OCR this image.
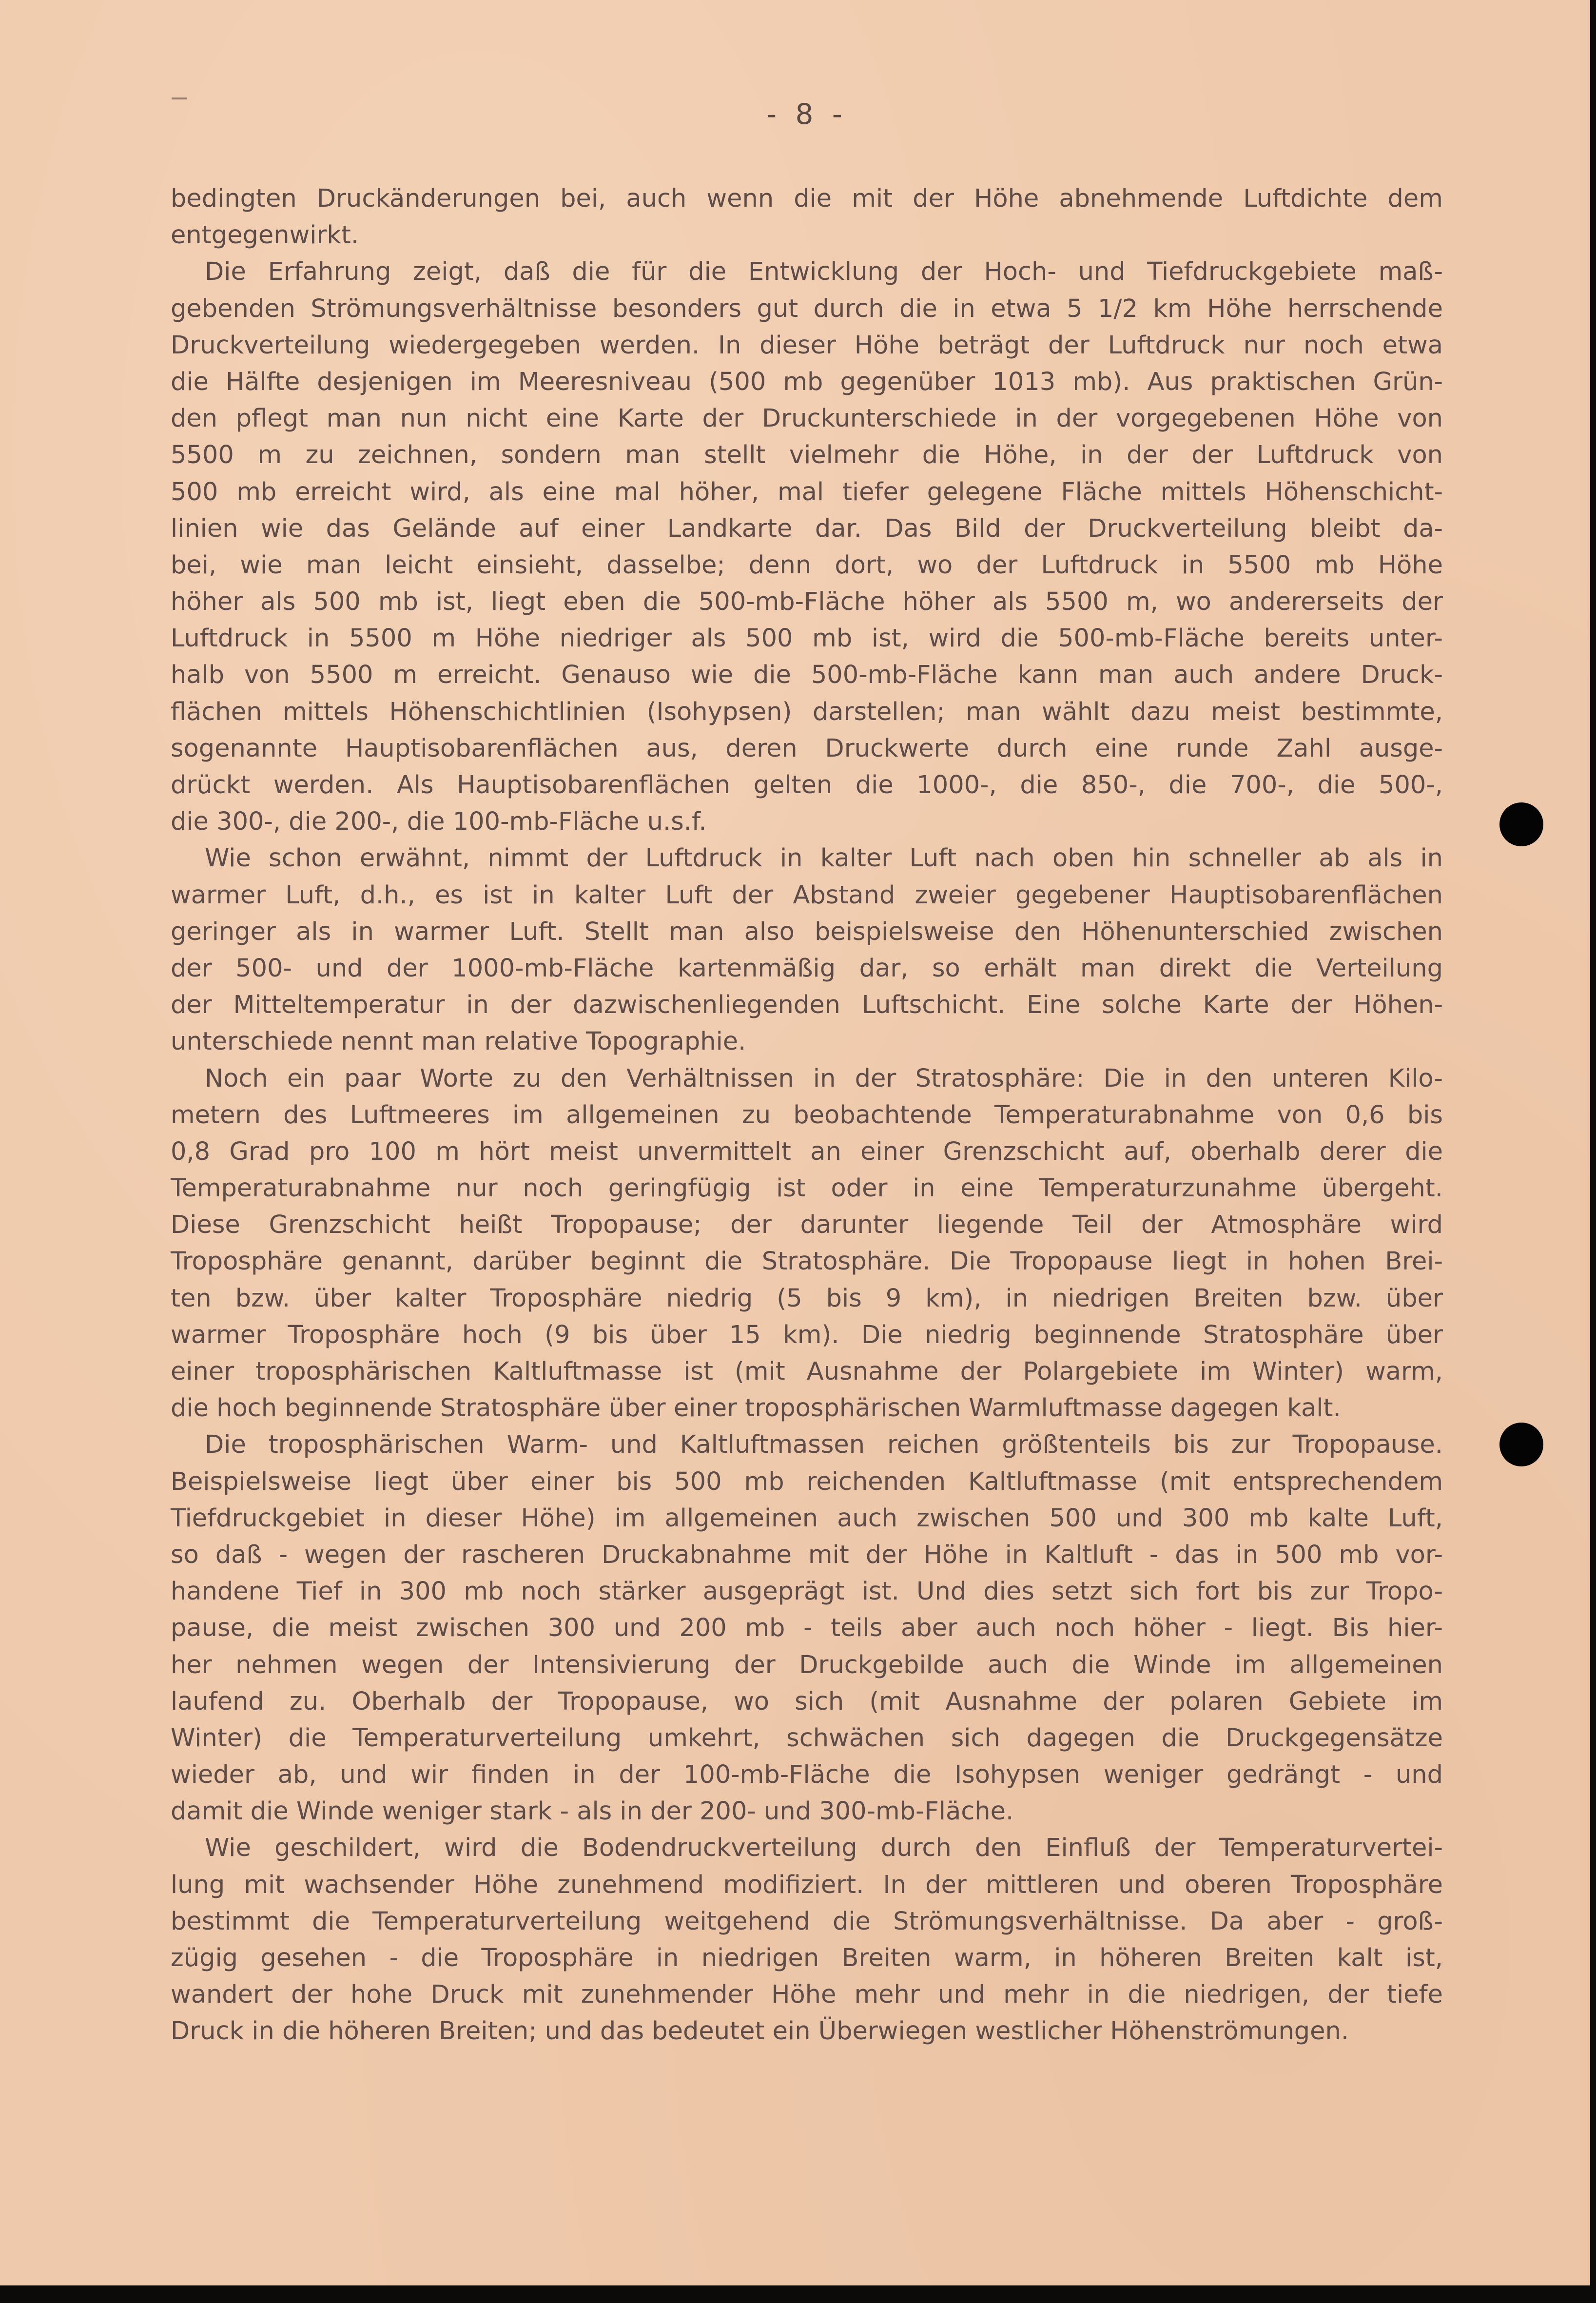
- 8 -
bedingten Druckänderungen bei, auch wenn die mit der Höhe abnehmende Luftdichte dem
entgegenwirkt.
Die Erfahrung zeigt, daß die für die Entwicklung der Hoch- und Tiefdruckgebiete maß-
gebenden Strömungsverhältnisse besonders gut durch die in etwa 5 1/2 km Höhe herrschende
Druckverteilung wiedergegeben werden. In dieser Höhe beträgt der Luftdruck nur noch etwa
die Hälfte desjenigen im Meeresniveau (500 mb gegenüber 1013 mb). Aus praktischen Grün-
den pflegt man nun nicht eine Karte der Druckunterschiede in der vorgegebenen Höhe von
5500 m zu zeichnen, sondern man stellt vielmehr die Höhe, in der der Luftdruck von
500 mb erreicht wird, als eine mal höher, mal tiefer gelegene Fläche mittels Höhenschicht-
linien wie das Gelände auf einer Landkarte dar. Das Bild der Druckverteilung bleibt da-
bei, wie man leicht einsieht, dasselbe; denn dort, wo der Luftdruck in 5500 mb Höhe
höher als 500 mb ist, liegt eben die 500-mb-Fläche höher als 5500 m, wo andererseits der
Luftdruck in 5500 m Höhe niedriger als 500 mb ist, wird die 500-mb-Fläche bereits unter-
halb von 5500 m erreicht. Genauso wie die 500-mb-Fläche kann man auch andere Druck-
flächen mittels Höhenschichtlinien (Isohypsen) darstellen; man wählt dazu meist bestimmte,
sogenannte Hauptisobarenflächen aus, deren Druckwerte durch eine runde Zahl ausge-
drückt werden. Als Hauptisobarenflächen gelten die 1000-, die 850-, die 700-, die 500-,
die 300-, die 200-, die 100-mb-Fläche u.s.f.
Wie schon erwähnt, nimmt der Luftdruck in kalter Luft nach oben hin schneller ab als in
warmer Luft, d.h., es ist in kalter Luft der Abstand zweier gegebener Hauptisobarenflächen
geringer als in warmer Luft. Stellt man also beispielsweise den Höhenunterschied zwischen
der 500- und der 1000-mb-Fläche kartenmäßig dar, so erhält man direkt die Verteilung
der Mitteltemperatur in der dazwischenliegenden Luftschicht. Eine solche Karte der Höhen-
unterschiede nennt man relative Topographie.
Noch ein paar Worte zu den Verhältnissen in der Stratosphäre: Die in den unteren Kilo-
metern des Luftmeeres im allgemeinen zu beobachtende Temperaturabnahme von 0,6 bis
0,8 Grad pro 100 m hört meist unvermittelt an einer Grenzschicht auf, oberhalb derer die
Temperaturabnahme nur noch geringfügig ist oder in eine Temperaturzunahme übergeht.
Diese Grenzschicht heißt Tropopause; der darunter liegende Teil der Atmosphäre wird
Troposphäre genannt, darüber beginnt die Stratosphäre. Die Tropopause liegt in hohen Brei-
ten bzw. über kalter Troposphäre niedrig (5 bis 9 km), in niedrigen Breiten bzw. über
warmer Troposphäre hoch (9 bis über 15 km). Die niedrig beginnende Stratosphäre über
einer troposphärischen Kaltluftmasse ist (mit Ausnahme der Polargebiete im Winter) warm,
die hoch beginnende Stratosphäre über einer troposphärischen Warmluftmasse dagegen kalt.
Die troposphärischen Warm- und Kaltluftmassen reichen größtenteils bis zur Tropopause.
Beispielsweise liegt über einer bis 500 mb reichenden Kaltluftmasse (mit entsprechendem
Tiefdruckgebiet in dieser Höhe) im allgemeinen auch zwischen 500 und 300 mb kalte Luft,
so daß - wegen der rascheren Druckabnahme mit der Höhe in Kaltluft - das in 500 mb vor-
handene Tief in 300 mb noch stärker ausgeprägt ist. Und dies setzt sich fort bis zur Tropo-
pause, die meist zwischen 300 und 200 mb - teils aber auch noch höher - liegt. Bis hier-
her nehmen wegen der Intensivierung der Druckgebilde auch die Winde im allgemeinen
laufend zu. Oberhalb der Tropopause, wo sich (mit Ausnahme der polaren Gebiete im
Winter) die Temperaturverteilung umkehrt, schwächen sich dagegen die Druckgegensätze
wieder ab, und wir finden in der 100-mb-Fläche die Isohypsen weniger gedrängt - und
damit die Winde weniger stark - als in der 200- und 300-mb-Fläche.
Wie geschildert, wird die Bodendruckverteilung durch den Einfluß der Temperaturvertei-
lung mit wachsender Höhe zunehmend modifiziert. In der mittleren und oberen Troposphäre
bestimmt die Temperaturverteilung weitgehend die Strömungsverhältnisse. Da aber - groß-
zügig gesehen - die Troposphäre in niedrigen Breiten warm, in höheren Breiten kalt ist,
wandert der hohe Druck mit zunehmender Höhe mehr und mehr in die niedrigen, der tiefe
Druck in die höheren Breiten; und das bedeutet ein Überwiegen westlicher Höhenströmungen.
